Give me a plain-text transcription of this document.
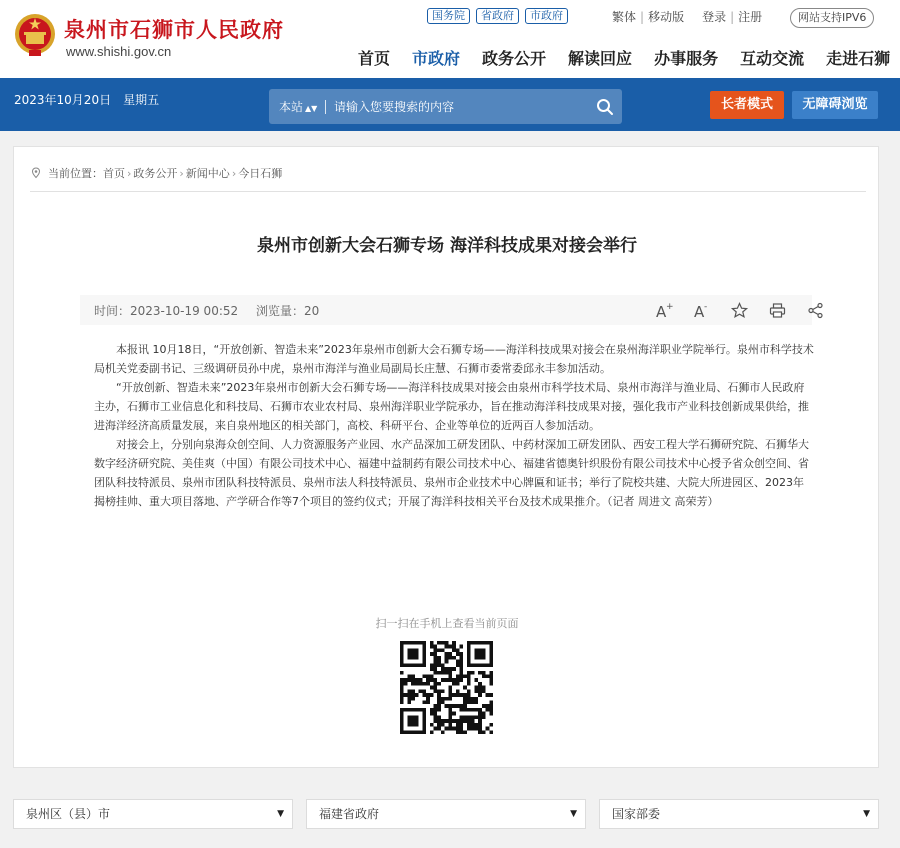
泉州市石狮市人民政府
www.shishi.gov.cn
国务院	省政府	市政府	繁体 | 移动版 登录 | 注册	网站支持IPV6
首页 市政府 政务公开 解读回应 办事服务 互动交流 走进石狮
2023年10月20日　星期五	本站 ▲▼ 请输入您要搜索的内容	长者模式	无障碍浏览
当前位置： 首页 › 政务公开 › 新闻中心 › 今日石狮
泉州市创新大会石狮专场 海洋科技成果对接会举行
时间：2023-10-19 00:52 浏览量：20	A + A -

本报讯 10月18日，“开放创新、智造未来”2023年泉州市创新大会石狮专场——海洋科技成果对接会在泉州海洋职业学院举行。泉州市科学技术局机关党委副书记、三级调研员孙中虎，泉州市海洋与渔业局副局长庄慧、石狮市委常委邱永丰参加活动。

“开放创新、智造未来”2023年泉州市创新大会石狮专场——海洋科技成果对接会由泉州市科学技术局、泉州市海洋与渔业局、石狮市人民政府主办，石狮市工业信息化和科技局、石狮市农业农村局、泉州海洋职业学院承办，旨在推动海洋科技成果对接，强化我市产业科技创新成果供给，推进海洋经济高质量发展，来自泉州地区的相关部门，高校、科研平台、企业等单位的近两百人参加活动。

对接会上，分别向泉海众创空间、人力资源服务产业园、水产品深加工研发团队、中药材深加工研发团队、西安工程大学石狮研究院、石狮华大数字经济研究院、美佳爽（中国）有限公司技术中心、福建中益制药有限公司技术中心、福建省德奥针织股份有限公司技术中心授予省众创空间、省团队科技特派员、泉州市团队科技特派员、泉州市法人科技特派员、泉州市企业技术中心牌匾和证书；举行了院校共建、大院大所进园区、2023年揭榜挂帅、重大项目落地、产学研合作等7个项目的签约仪式；开展了海洋科技相关平台及技术成果推介。（记者 周进文 高荣芳）

扫一扫在手机上查看当前页面
泉州区（县）市	▼	福建省政府	▼	国家部委	▼
